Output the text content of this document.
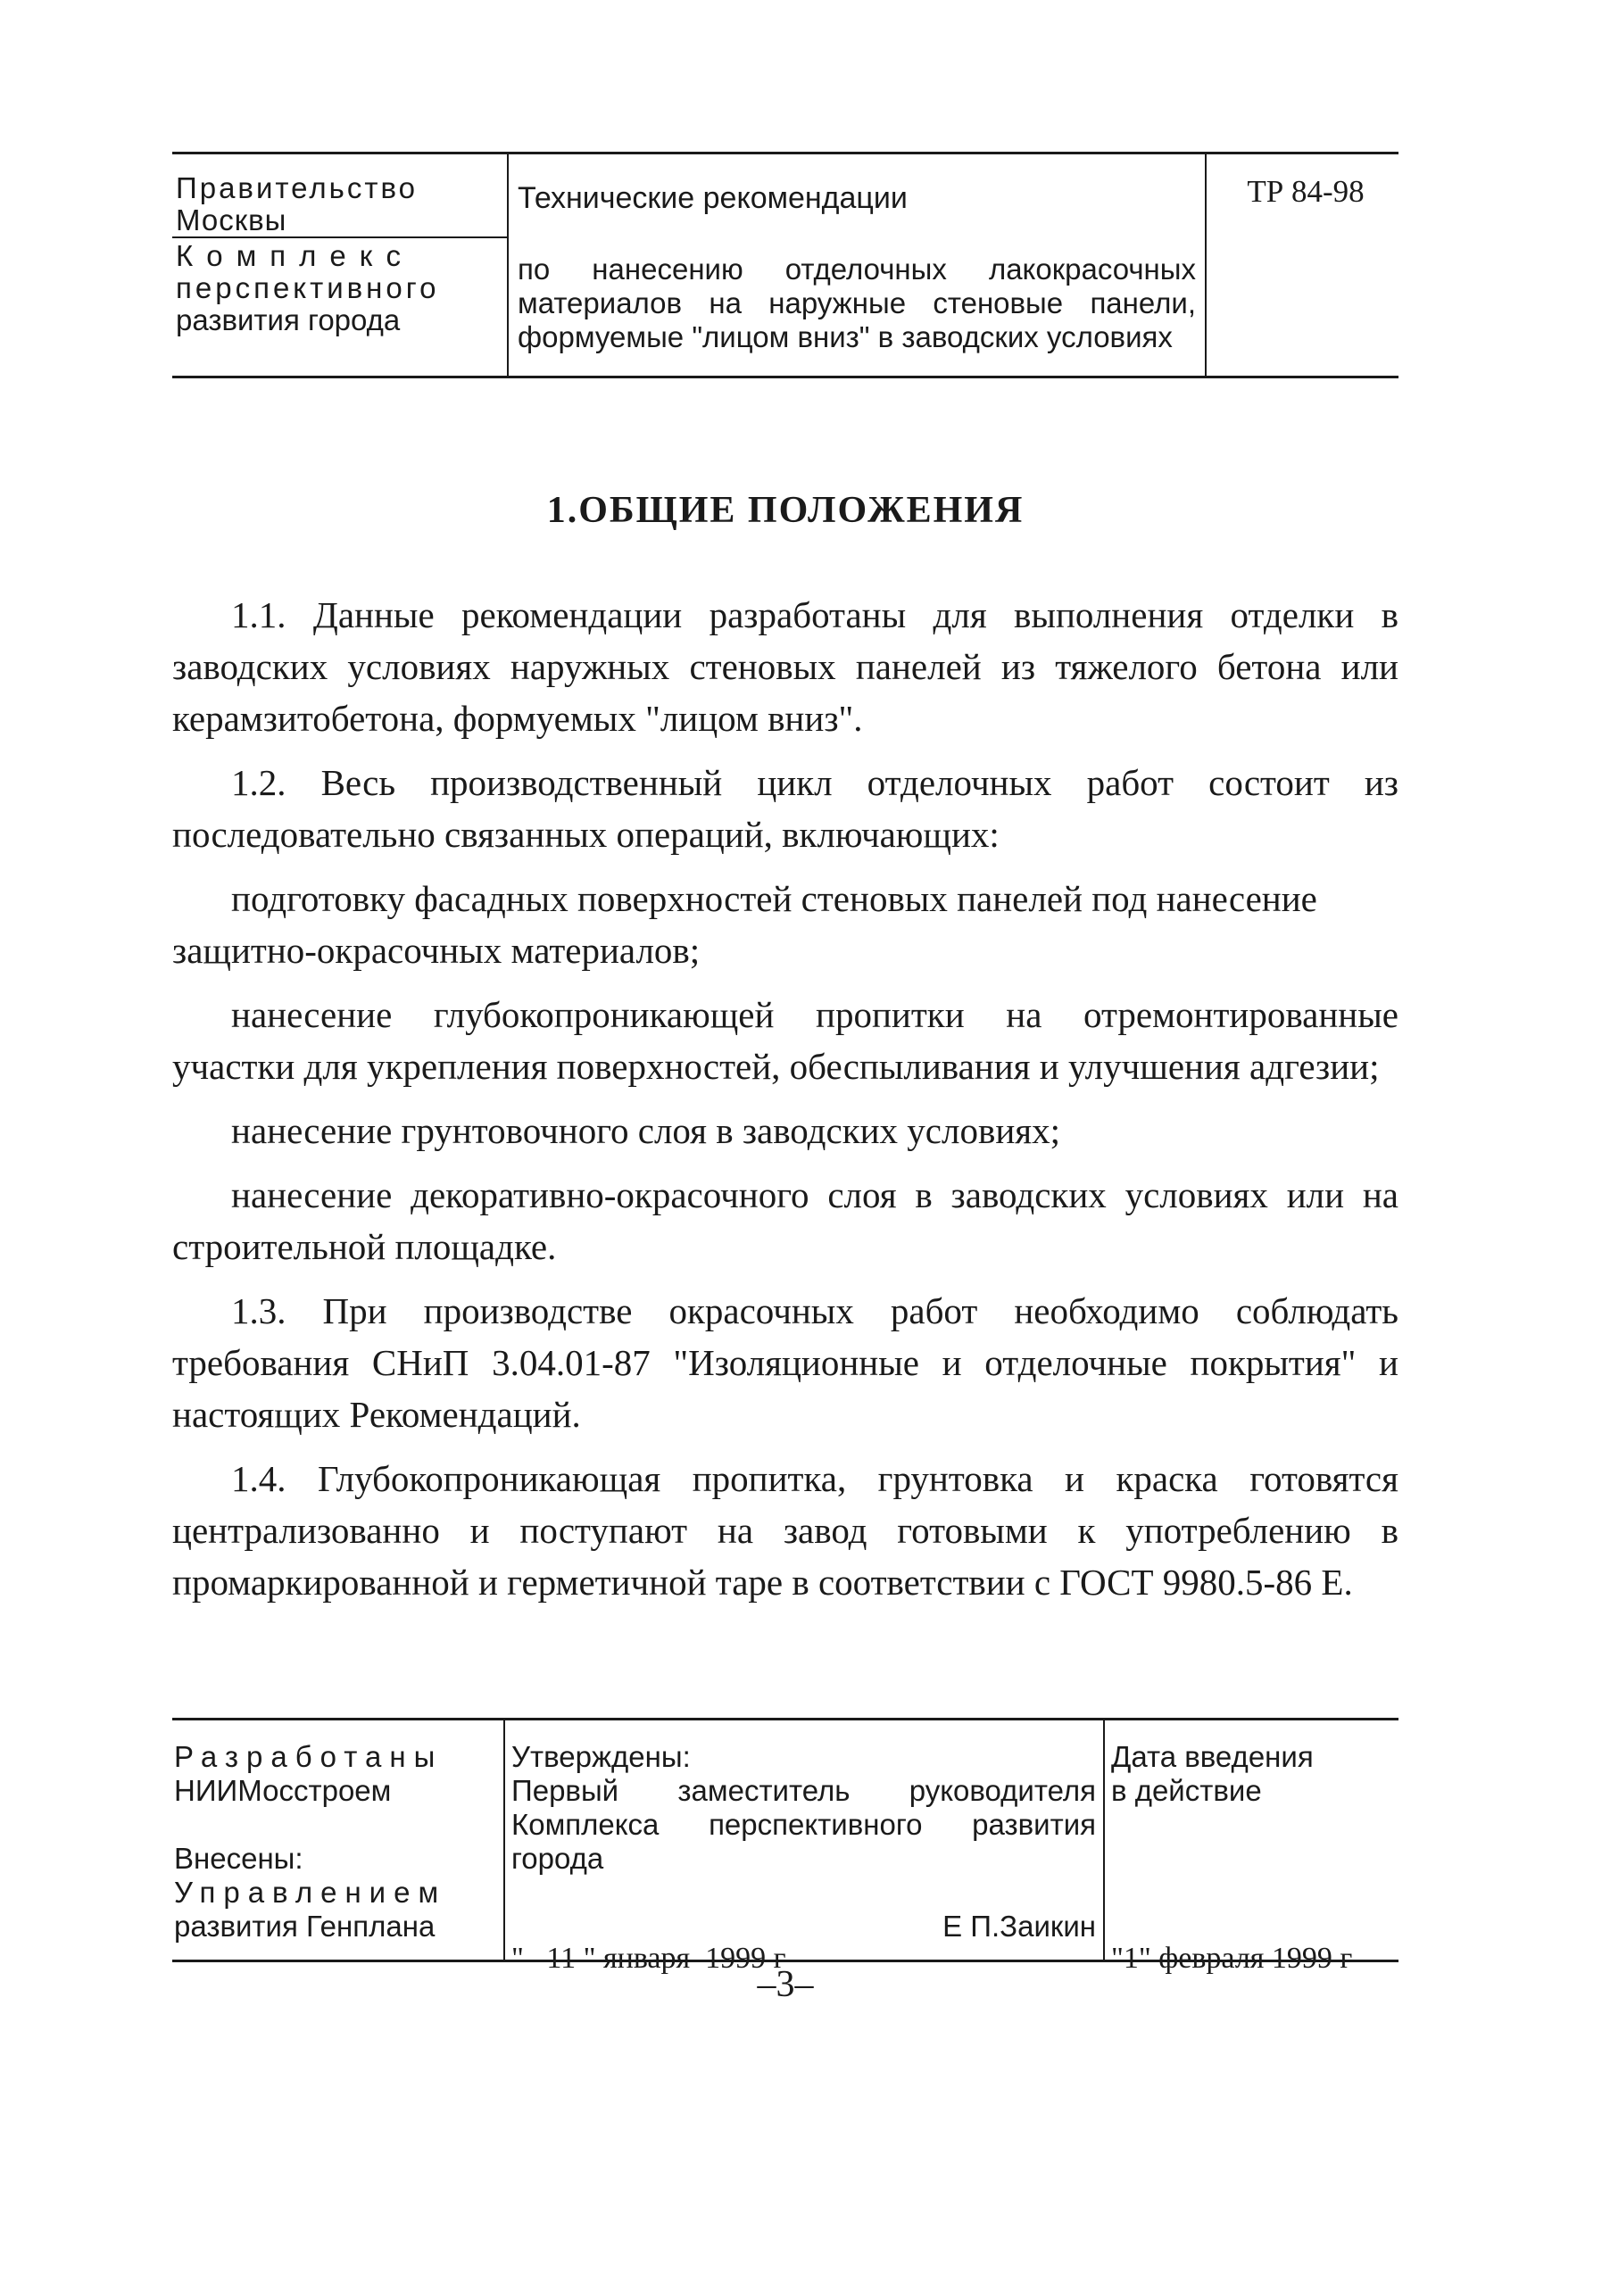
Правительство
Москвы
Комплекс
перспективного
развития города
Технические рекомендации
по нанесению отделочных лакокрасочных
материалов на наружные стеновые панели,
формуемые "лицом вниз" в заводских условиях
ТР 84-98
1.ОБЩИЕ ПОЛОЖЕНИЯ

1.1. Данные рекомендации разработаны для выполнения отделки в заводских условиях наружных стеновых панелей из тяжелого бетона или керамзитобетона, формуемых "лицом вниз".

1.2. Весь производственный цикл отделочных работ состоит из последовательно связанных операций, включающих:

подготовку фасадных поверхностей стеновых панелей под нанесение
защитно-окрасочных материалов;

нанесение глубокопроникающей пропитки на отремонтированные участки для укрепления поверхностей, обеспыливания и улучшения адгезии;

нанесение грунтовочного слоя в заводских условиях;

нанесение декоративно-окрасочного слоя в заводских условиях или на строительной площадке.

1.3. При производстве окрасочных работ необходимо соблюдать требования СНиП 3.04.01-87 "Изоляционные и отделочные покрытия" и настоящих Рекомендаций.

1.4. Глубокопроникающая пропитка, грунтовка и краска готовятся централизованно и поступают на завод готовыми к употреблению в промаркированной и герметичной таре в соответствии с ГОСТ 9980.5-86 Е.

Разработаны
НИИМосстроем
Внесены:
Управлением
развития Генплана
Утверждены:
Первый заместитель руководителя
Комплекса перспективного развития
города
Е П.Заикин
"   11 " января  1999 г
Дата введения
в действие
"1" февраля 1999 г
–3–
